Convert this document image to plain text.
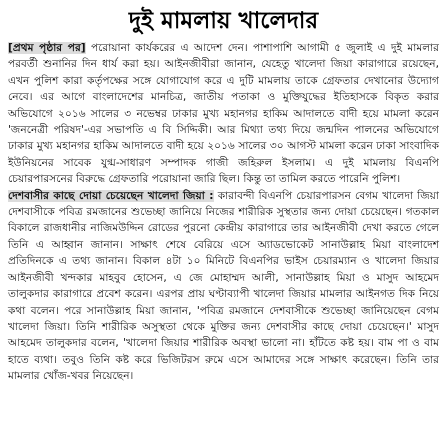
দুই মামলায় খালেদার

[প্রথম পৃষ্ঠার পর] পরোয়ানা কার্যকরের এ আদেশ দেন। পাশাপাশি আগামী ৫ জুলাই এ দুই মামলার পরবর্তী শুনানির দিন ধার্য করা হয়। আইনজীবীরা জানান, যেহেতু খালেদা জিয়া কারাগারে রয়েছেন, এখন পুলিশ কারা কর্তৃপক্ষের সঙ্গে যোগাযোগ করে এ দুটি মামলায় তাকে গ্রেফতার দেখানোর উদ্যোগ নেবে। এর আগে বাংলাদেশের মানচিত্র, জাতীয় পতাকা ও মুক্তিযুদ্ধের ইতিহাসকে বিকৃত করার অভিযোগে ২০১৬ সালের ৩ নভেম্বর ঢাকার মুখ্য মহানগর হাকিম আদালতে বাদী হয়ে মামলা করেন 'জননেত্রী পরিষদ'-এর সভাপতি এ বি সিদ্দিকী। আর মিথ্যা তথ্য দিয়ে জন্মদিন পালনের অভিযোগে ঢাকার মুখ্য মহানগর হাকিম আদালতে বাদী হয়ে ২০১৬ সালের ৩০ আগস্ট মামলা করেন ঢাকা সাংবাদিক ইউনিয়নের সাবেক যুগ্ম-সাধারণ সম্পাদক গাজী জহিরুল ইসলাম। এ দুই মামলায় বিএনপি চেয়ারপারসনের বিরুদ্ধে গ্রেফতারি পরোয়ানা জারি ছিল। কিন্তু তা তামিল করতে পারেনি পুলিশ।

দেশবাসীর কাছে দোয়া চেয়েছেন খালেদা জিয়া : কারাবন্দী বিএনপি চেয়ারপারসন বেগম খালেদা জিয়া দেশবাসীকে পবিত্র রমজানের শুভেচ্ছা জানিয়ে নিজের শারীরিক সুস্থতার জন্য দোয়া চেয়েছেন। গতকাল বিকালে রাজধানীর নাজিমউদ্দিন রোডের পুরনো কেন্দ্রীয় কারাগারে তার আইনজীবী দেখা করতে গেলে তিনি এ আহ্বান জানান। সাক্ষাৎ শেষে বেরিয়ে এসে অ্যাডভোকেট সানাউল্লাহ মিয়া বাংলাদেশ প্রতিদিনকে এ তথ্য জানান। বিকাল ৪টা ১০ মিনিটে বিএনপির ভাইস চেয়ারম্যান ও খালেদা জিয়ার আইনজীবী খন্দকার মাহবুব হোসেন, এ জে মোহাম্মদ আলী, সানাউল্লাহ মিয়া ও মাসুদ আহমেদ তালুকদার কারাগারে প্রবেশ করেন। এরপর প্রায় ঘণ্টাব্যাপী খালেদা জিয়ার মামলার আইনগত দিক নিয়ে কথা বলেন। পরে সানাউল্লাহ মিয়া জানান, 'পবিত্র রমজানে দেশবাসীকে শুভেচ্ছা জানিয়েছেন বেগম খালেদা জিয়া। তিনি শারীরিক অসুস্থতা থেকে মুক্তির জন্য দেশবাসীর কাছে দোয়া চেয়েছেন।' মাসুদ আহমেদ তালুকদার বলেন, 'খালেদা জিয়ার শারীরিক অবস্থা ভালো না। হাঁটতে কষ্ট হয়। বাম পা ও বাম হাতে ব্যথা। তবুও তিনি কষ্ট করে ভিজিটরস রুমে এসে আমাদের সঙ্গে সাক্ষাৎ করেছেন। তিনি তার মামলার খোঁজ-খবর নিয়েছেন।
